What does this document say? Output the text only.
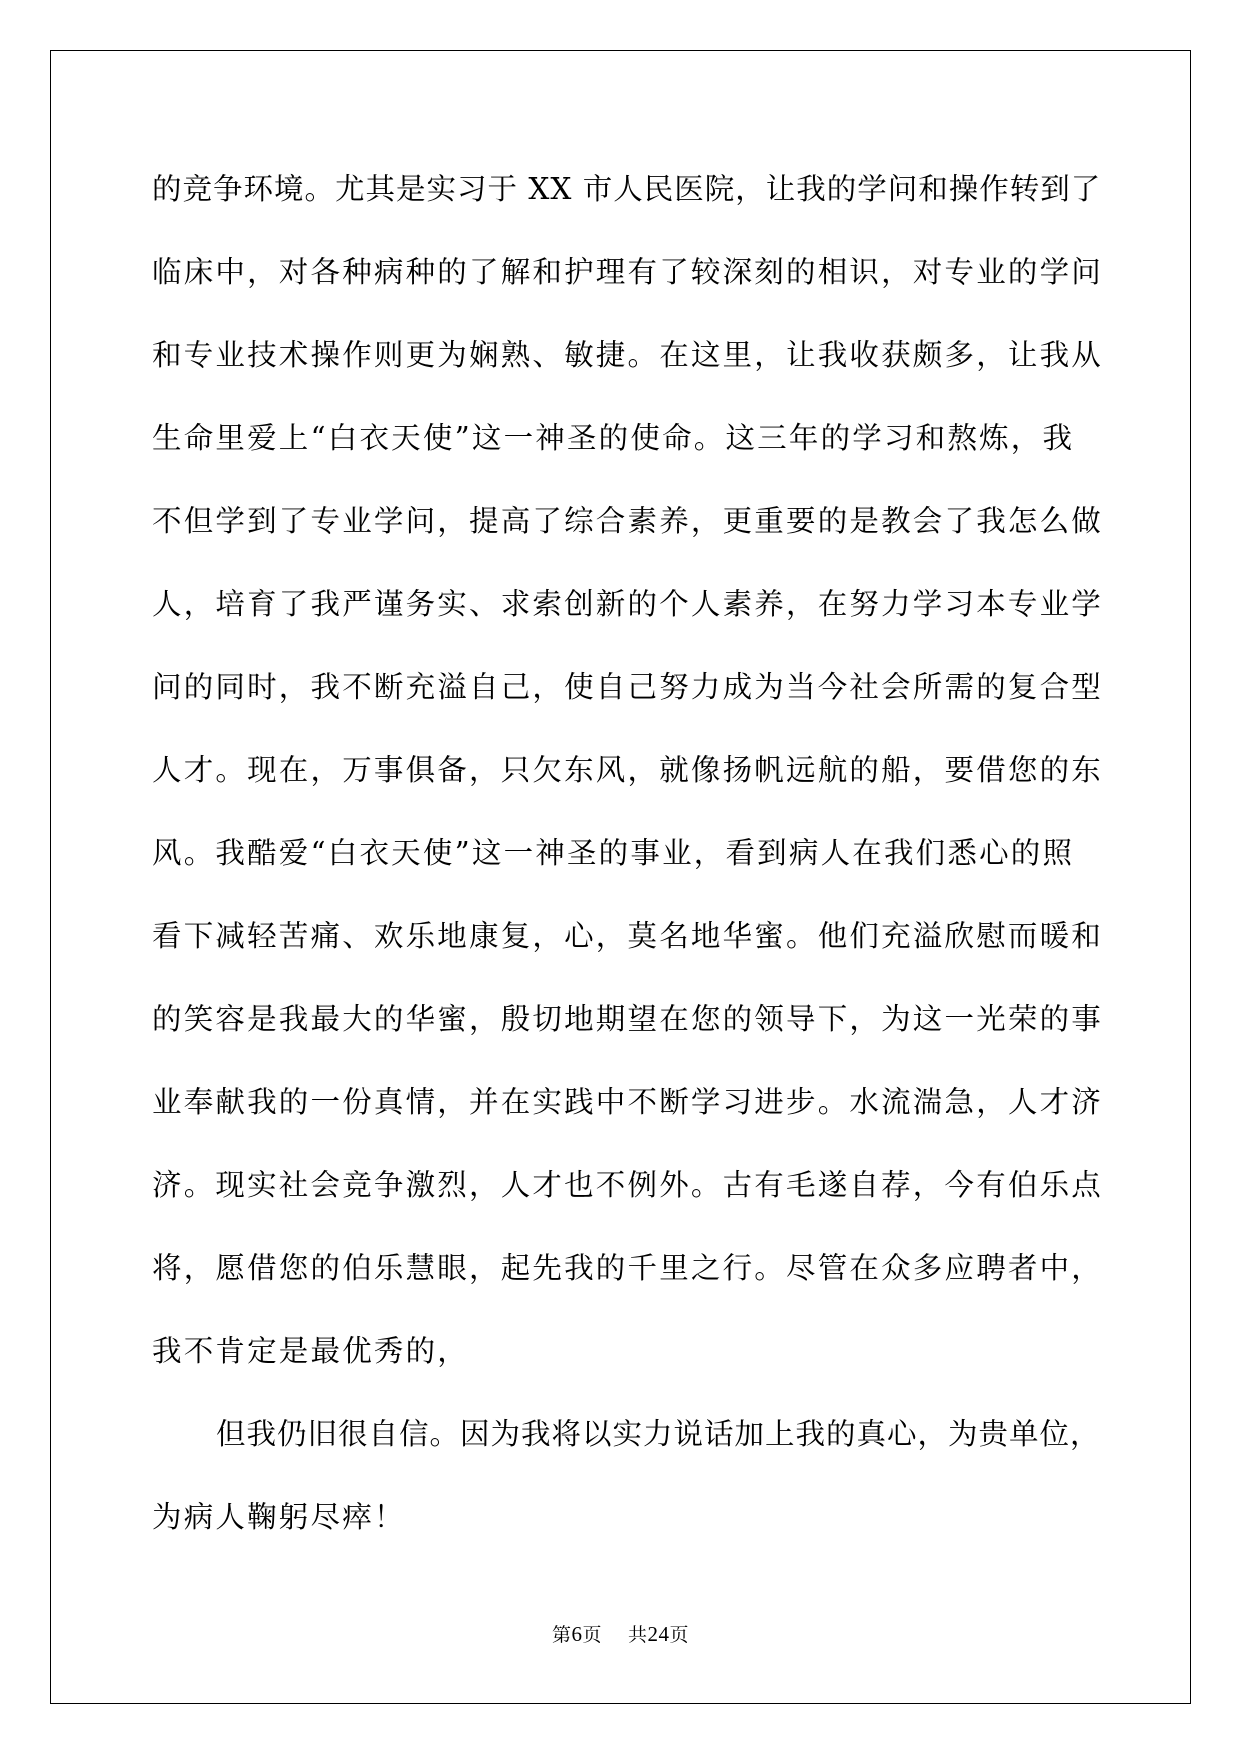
的竞争环境。尤其是实习于 XX 市人民医院，让我的学问和操作转到了
临床中，对各种病种的了解和护理有了较深刻的相识，对专业的学问
和专业技术操作则更为娴熟、敏捷。在这里，让我收获颇多，让我从
生命里爱上“白衣天使”这一神圣的使命。这三年的学习和熬炼，我
不但学到了专业学问，提高了综合素养，更重要的是教会了我怎么做
人，培育了我严谨务实、求索创新的个人素养，在努力学习本专业学
问的同时，我不断充溢自己，使自己努力成为当今社会所需的复合型
人才。现在，万事俱备，只欠东风，就像扬帆远航的船，要借您的东
风。我酷爱“白衣天使”这一神圣的事业，看到病人在我们悉心的照
看下减轻苦痛、欢乐地康复，心，莫名地华蜜。他们充溢欣慰而暖和
的笑容是我最大的华蜜，殷切地期望在您的领导下，为这一光荣的事
业奉献我的一份真情，并在实践中不断学习进步。水流湍急，人才济
济。现实社会竞争激烈，人才也不例外。古有毛遂自荐，今有伯乐点
将，愿借您的伯乐慧眼，起先我的千里之行。尽管在众多应聘者中，
我不肯定是最优秀的，
但我仍旧很自信。因为我将以实力说话加上我的真心，为贵单位，
为病人鞠躬尽瘁！
第6页 共24页
